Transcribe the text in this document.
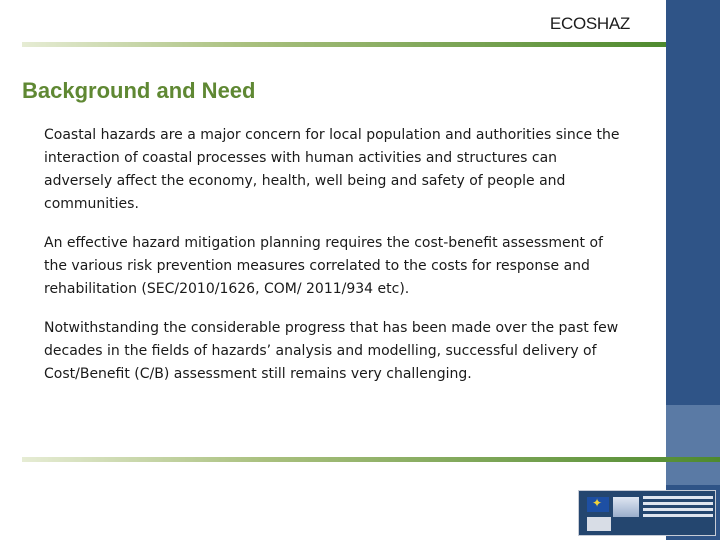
ECOSHAZ
Background and Need

Coastal hazards are a major concern for local population and authorities since the interaction of coastal processes with human activities and structures can adversely affect the economy, health, well being and safety of people and communities.

An effective hazard mitigation planning requires the cost-benefit assessment of the various risk prevention measures correlated to the costs for response and rehabilitation (SEC/2010/1626, COM/ 2011/934 etc).

Notwithstanding the considerable progress that has been made over the past few decades in the fields of hazards’ analysis and modelling, successful delivery of Cost/Benefit (C/B) assessment still remains very challenging.

✦
